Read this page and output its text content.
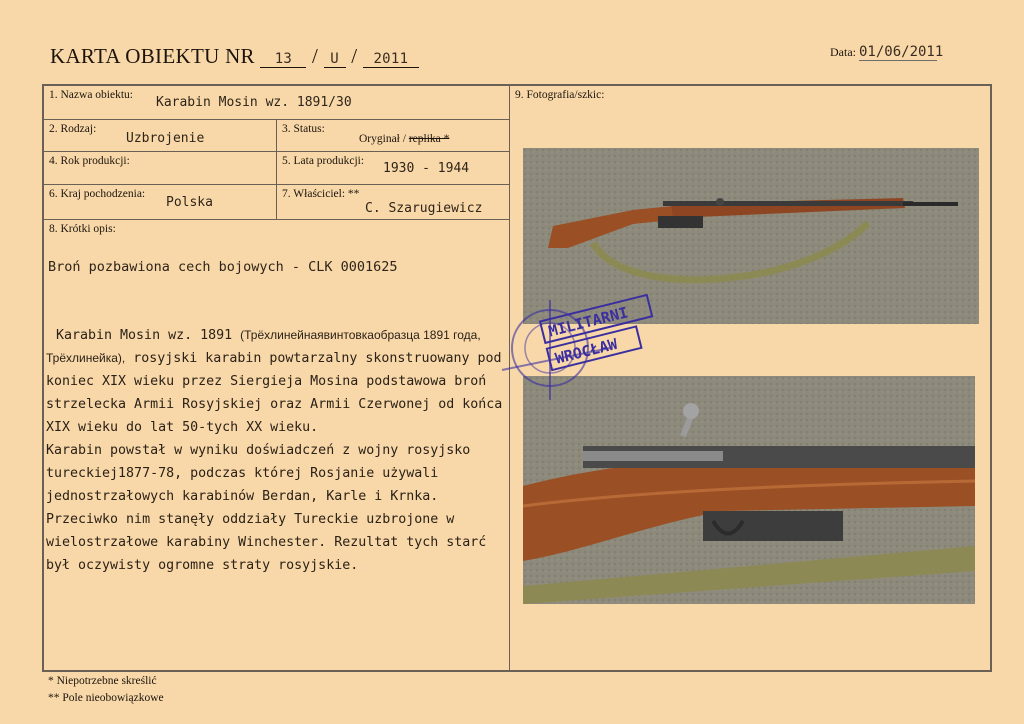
KARTA OBIEKTU NR 13 / U / 2011	Data: 01/06/2011
1. Nazwa obiektu: Karabin Mosin wz. 1891/30
2. Rodzaj:
Uzbrojenie
3. Status:
Oryginał / replika *
4. Rok produkcji:	5. Lata produkcji: 1930 - 1944
6. Kraj pochodzenia:
Polska
7. Właściciel: **
C. Szarugiewicz
8. Krótki opis:
Broń pozbawiona cech bojowych - CLK 0001625
9. Fotografia/szkic:
Karabin Mosin wz. 1891 (Трёхлинейнаявинтовкаобразца 1891 года, Трёхлинейка), rosyjski karabin powtarzalny skonstruowany pod koniec XIX wieku przez Siergieja Mosina podstawowa broń strzelecka Armii Rosyjskiej oraz Armii Czerwonej od końca XIX wieku do lat 50-tych XX wieku.
Karabin powstał w wyniku doświadczeń z wojny rosyjsko tureckiej1877-78, podczas której Rosjanie używali jednostrzałowych karabinów Berdan, Karle i Krnka. Przeciwko nim stanęły oddziały Tureckie uzbrojone w wielostrzałowe karabiny Winchester. Rezultat tych starć był oczywisty ogromne straty rosyjskie.
MILITARNI
WROCŁAW
* Niepotrzebne skreślić
** Pole nieobowiązkowe
